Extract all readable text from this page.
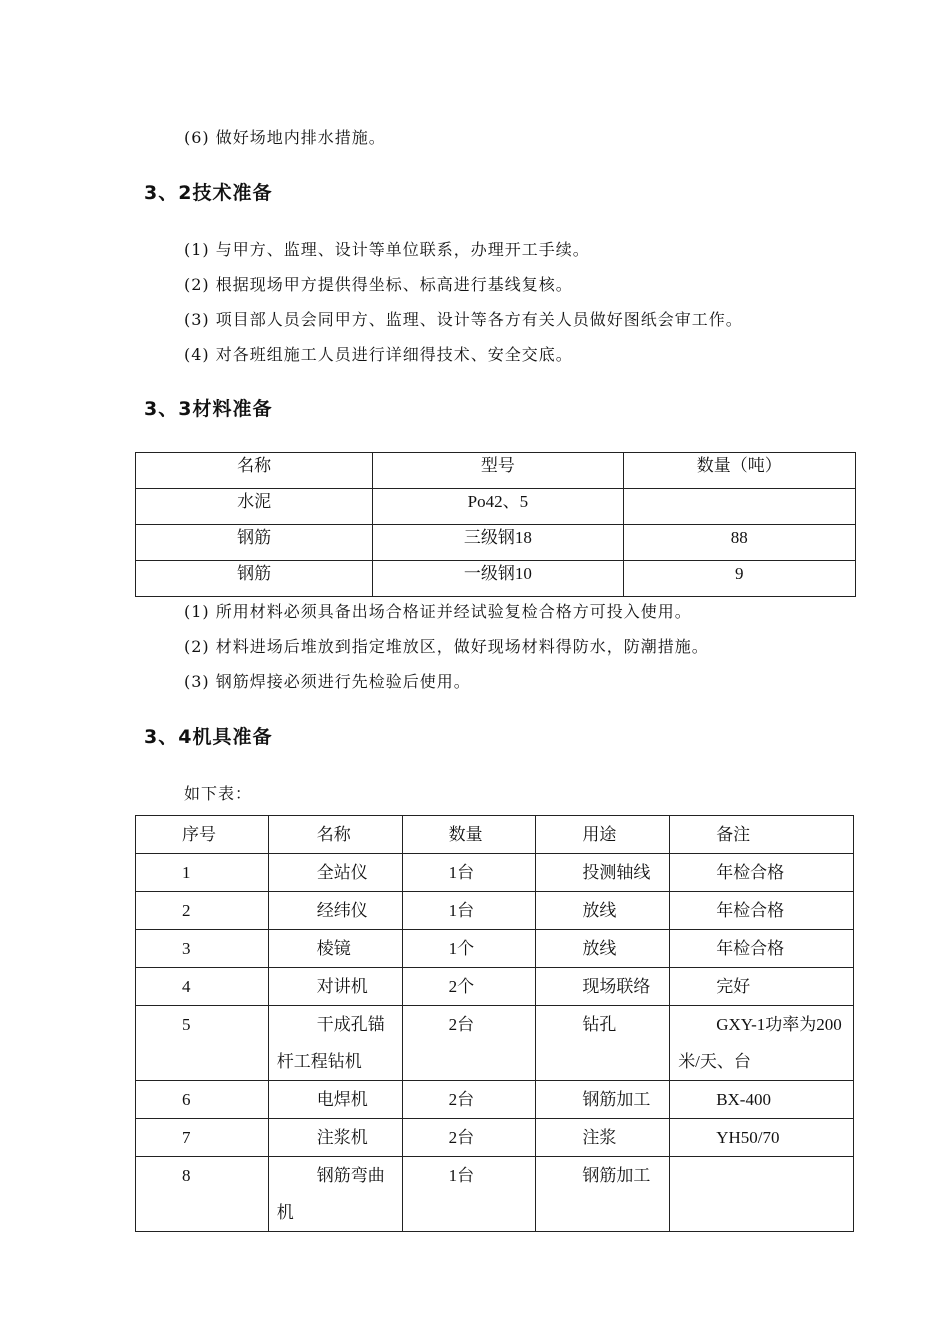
(6) 做好场地内排水措施。
3、2技术准备
(1) 与甲方、监理、设计等单位联系，办理开工手续。
(2) 根据现场甲方提供得坐标、标高进行基线复核。
(3) 项目部人员会同甲方、监理、设计等各方有关人员做好图纸会审工作。
(4) 对各班组施工人员进行详细得技术、安全交底。
3、3材料准备
名称	型号	数量（吨）
水泥	Po42、5	
钢筋	三级钢18	88
钢筋	一级钢10	9
(1) 所用材料必须具备出场合格证并经试验复检合格方可投入使用。
(2) 材料进场后堆放到指定堆放区，做好现场材料得防水，防潮措施。
(3) 钢筋焊接必须进行先检验后使用。
3、4机具准备
如下表：
序号	名称	数量	用途	备注
1	全站仪	1台	投测轴线	年检合格
2	经纬仪	1台	放线	年检合格
3	棱镜	1个	放线	年检合格
4	对讲机	2个	现场联络	完好
5	干成孔锚杆工程钻机	2台	钻孔	GXY-1功率为200米/天、台
6	电焊机	2台	钢筋加工	BX-400
7	注浆机	2台	注浆	YH50/70
8	钢筋弯曲机	1台	钢筋加工	
